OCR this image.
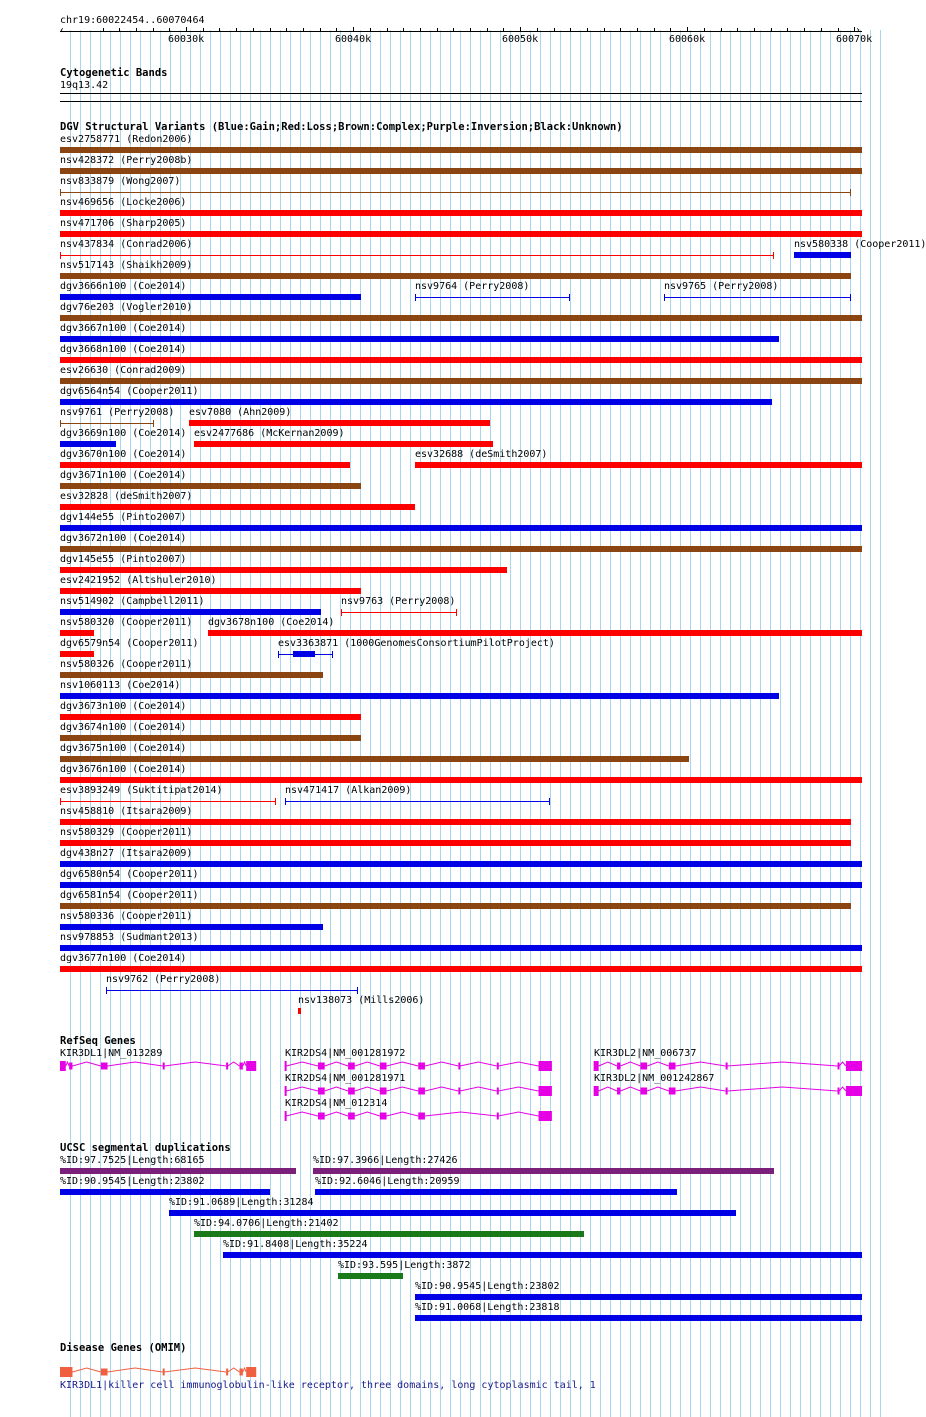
chr19:60022454..60070464
60030k	60040k	60050k	60060k	60070k
‹	›
Cytogenetic Bands
19q13.42
DGV Structural Variants (Blue:Gain;Red:Loss;Brown:Complex;Purple:Inversion;Black:Unknown)
esv2758771 (Redon2006)
nsv428372 (Perry2008b)
nsv833879 (Wong2007)
nsv469656 (Locke2006)
nsv471706 (Sharp2005)
nsv437834 (Conrad2006)	nsv580338 (Cooper2011)
nsv517143 (Shaikh2009)
dgv3666n100 (Coe2014)	nsv9764 (Perry2008)	nsv9765 (Perry2008)
dgv76e203 (Vogler2010)
dgv3667n100 (Coe2014)
dgv3668n100 (Coe2014)
esv26630 (Conrad2009)
dgv6564n54 (Cooper2011)
nsv9761 (Perry2008) esv7080 (Ahn2009)
dgv3669n100 (Coe2014) esv2477686 (McKernan2009)
dgv3670n100 (Coe2014)	esv32688 (deSmith2007)
dgv3671n100 (Coe2014)
esv32828 (deSmith2007)
dgv144e55 (Pinto2007)
dgv3672n100 (Coe2014)
dgv145e55 (Pinto2007)
esv2421952 (Altshuler2010)
nsv514902 (Campbell2011)	nsv9763 (Perry2008)
nsv580320 (Cooper2011) dgv3678n100 (Coe2014)
dgv6579n54 (Cooper2011)	esv3363871 (1000GenomesConsortiumPilotProject)
nsv580326 (Cooper2011)
nsv1060113 (Coe2014)
dgv3673n100 (Coe2014)
dgv3674n100 (Coe2014)
dgv3675n100 (Coe2014)
dgv3676n100 (Coe2014)
esv3893249 (Suktitipat2014)	nsv471417 (Alkan2009)
nsv458810 (Itsara2009)
nsv580329 (Cooper2011)
dgv438n27 (Itsara2009)
dgv6580n54 (Cooper2011)
dgv6581n54 (Cooper2011)
nsv580336 (Cooper2011)
nsv978853 (Sudmant2013)
dgv3677n100 (Coe2014)
nsv9762 (Perry2008)
nsv138073 (Mills2006)
RefSeq Genes
KIR3DL1|NM_013289	KIR2DS4|NM_001281972	KIR3DL2|NM_006737
KIR2DS4|NM_001281971	KIR3DL2|NM_001242867
KIR2DS4|NM_012314
UCSC segmental duplications
%ID:97.7525|Length:68165	%ID:97.3966|Length:27426
%ID:90.9545|Length:23802	%ID:92.6046|Length:20959
%ID:91.0689|Length:31284
%ID:94.0706|Length:21402
%ID:91.8408|Length:35224
%ID:93.595|Length:3872
%ID:90.9545|Length:23802
%ID:91.0068|Length:23818
Disease Genes (OMIM)
KIR3DL1|killer cell immunoglobulin-like receptor, three domains, long cytoplasmic tail, 1
